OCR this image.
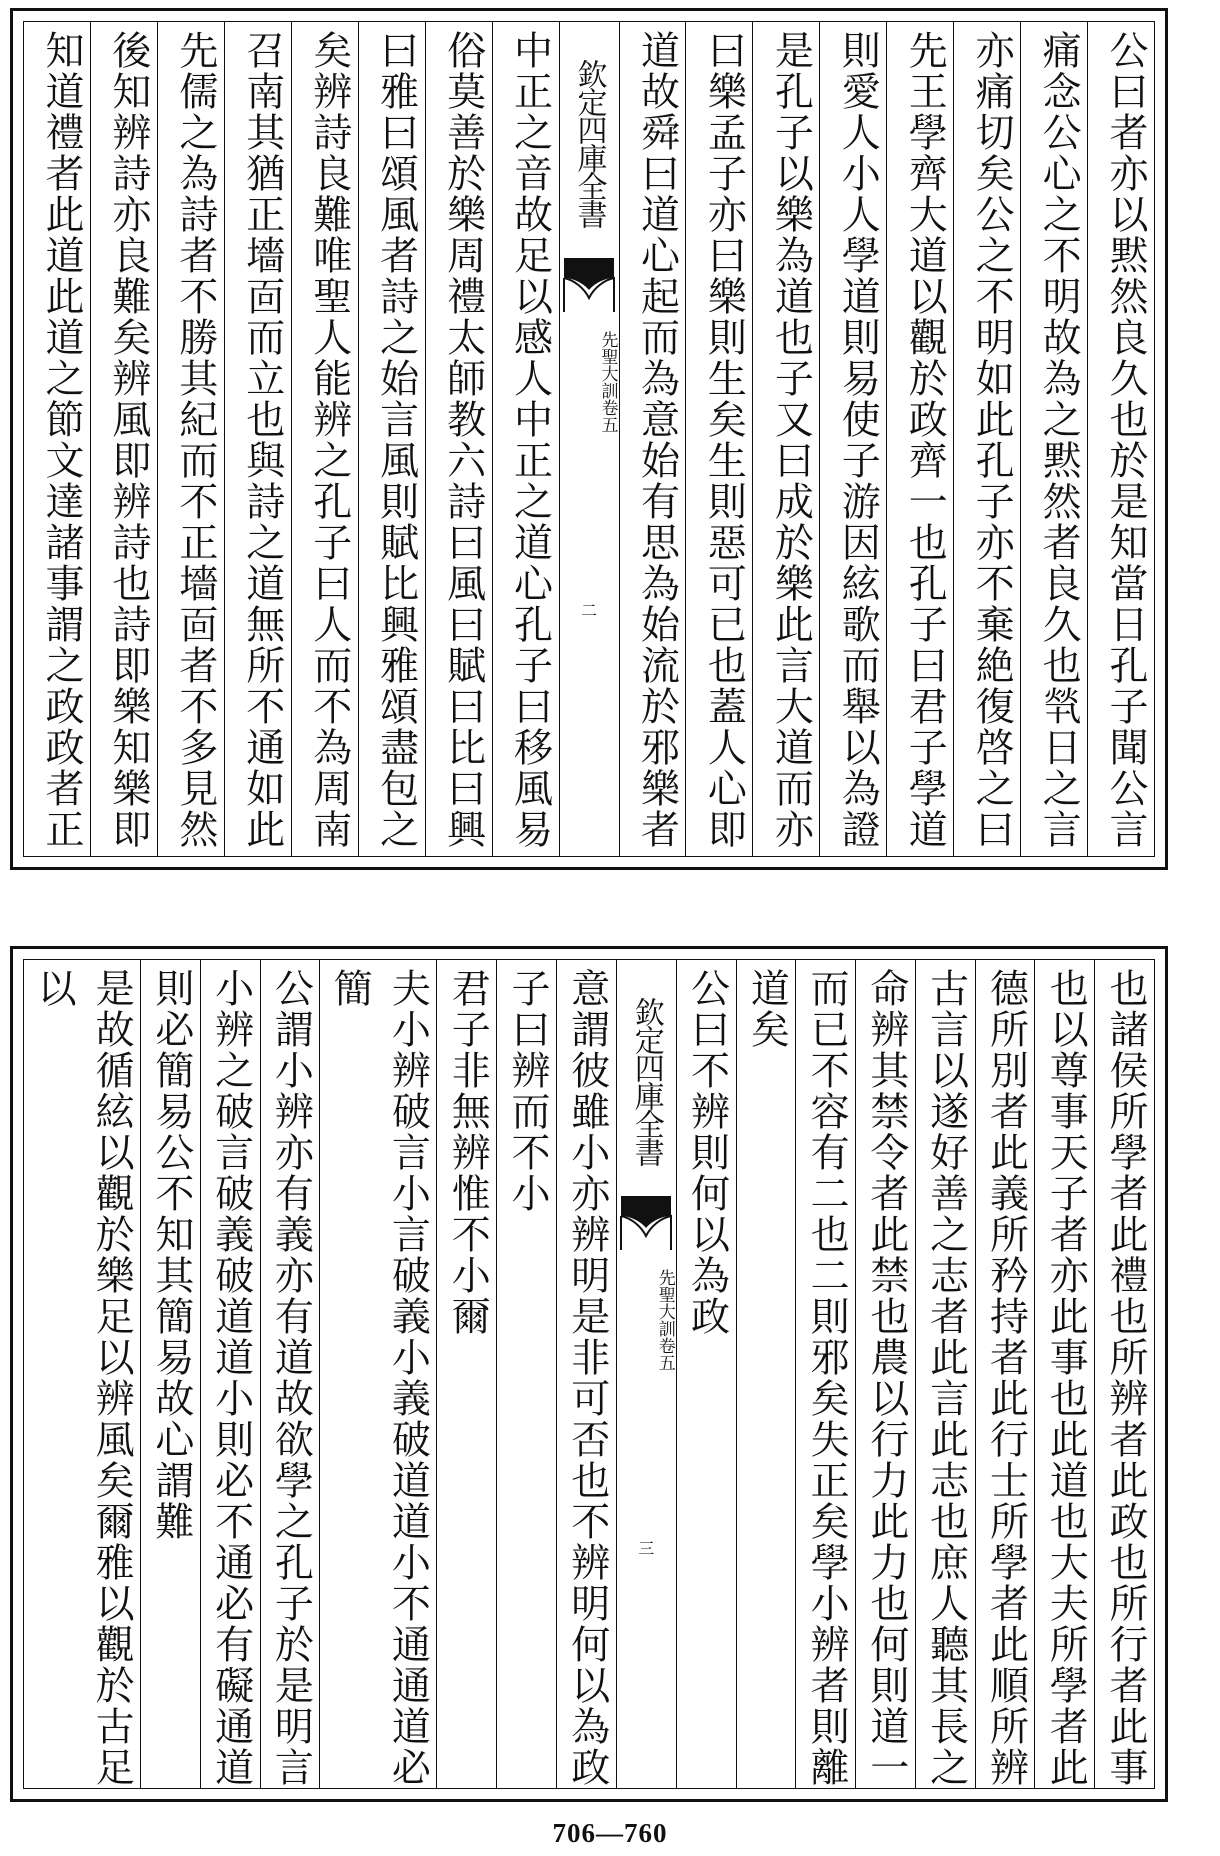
公曰者亦以黙然良久也於是知當日孔子聞公言
痛念公心之不明故為之黙然者良久也㷀日之言
亦痛切矣公之不明如此孔子亦不棄絶復啓之曰
先王學齊大道以觀於政齊一也孔子曰君子學道
則愛人小人學道則易使子游因絃歌而舉以為證
是孔子以樂為道也子又曰成於樂此言大道而亦
曰樂孟子亦曰樂則生矣生則惡可已也蓋人心即
道故舜曰道心起而為意始有思為始流於邪樂者
欽定四庫全書
先聖大訓
卷五
二
中正之音故足以感人中正之道心孔子曰移風易
俗莫善於樂周禮太師教六詩曰風曰賦曰比曰興
曰雅曰頌風者詩之始言風則賦比興雅頌盡包之
矣辨詩良難唯聖人能辨之孔子曰人而不為周南
召南其猶正墻靣而立也與詩之道無所不通如此
先儒之為詩者不勝其紀而不正墻靣者不多見然
後知辨詩亦良難矣辨風即辨詩也詩即樂知樂即
知道禮者此道此道之節文達諸事謂之政政者正
也諸侯所學者此禮也所辨者此政也所行者此事
也以尊事天子者亦此事也此道也大夫所學者此
德所別者此義所矜持者此行士所學者此順所辨
古言以遂好善之志者此言此志也庶人聽其長之
命辨其禁令者此禁也農以行力此力也何則道一
而已不容有二也二則邪矣失正矣學小辨者則離
道矣
公曰不辨則何以為政
欽定四庫全書
先聖大訓
卷五
三
意謂彼雖小亦辨明是非可否也不辨明何以為政
子曰辨而不小
君子非無辨惟不小爾
夫小辨破言小言破義小義破道道小不通通道必簡
公謂小辨亦有義亦有道故欲學之孔子於是明言
小辨之破言破義破道道小則必不通必有礙通道
則必簡易公不知其簡易故心謂難
是故循絃以觀於樂足以辨風矣爾雅以觀於古足以
706—760
